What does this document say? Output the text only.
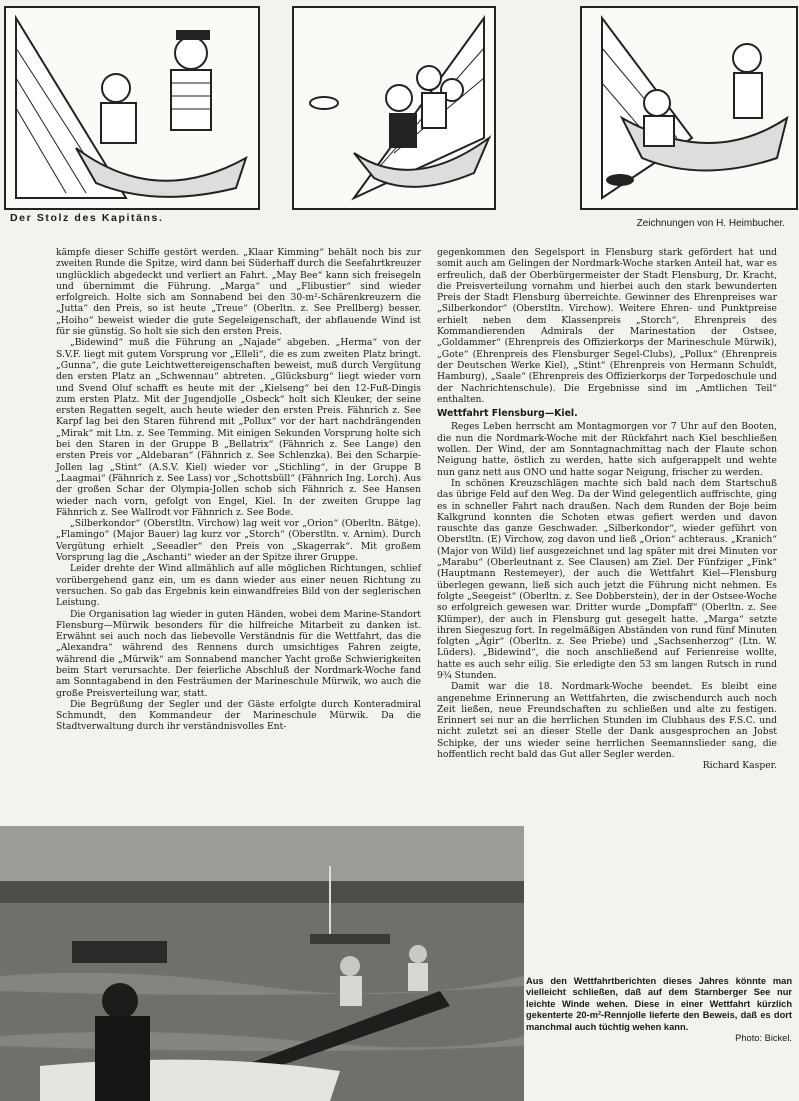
Der Stolz des Kapitäns.	Zeichnungen von H. Heimbucher.

kämpfe dieser Schiffe gestört werden. „Klaar Kimming“ behält noch bis zur zweiten Runde die Spitze, wird dann bei Süderhaff durch die Seefahrtkreuzer unglücklich abgedeckt und verliert an Fahrt. „May Bee“ kann sich freisegeln und übernimmt die Führung. „Marga“ und „Flibustier“ sind wieder erfolgreich. Holte sich am Sonnabend bei den 30-m²-Schärenkreuzern die „Jutta“ den Preis, so ist heute „Treue“ (Oberltn. z. See Prellberg) besser. „Hoiho“ beweist wieder die gute Segeleigenschaft, der abflauende Wind ist für sie günstig. So holt sie sich den ersten Preis.

„Bidewind“ muß die Führung an „Najade“ abgeben. „Herma“ von der S.V.F. liegt mit gutem Vorsprung vor „Elleli“, die es zum zweiten Platz bringt. „Gunna“, die gute Leichtwettereigenschaften beweist, muß durch Vergütung den ersten Platz an „Schwennau“ abtreten. „Glücksburg“ liegt wieder vorn und Svend Oluf schafft es heute mit der „Kielseng“ bei den 12-Fuß-Dingis zum ersten Platz. Mit der Jugendjolle „Osbeck“ holt sich Kleuker, der seine ersten Regatten segelt, auch heute wieder den ersten Preis. Fähnrich z. See Karpf lag bei den Staren führend mit „Pollux“ vor der hart nachdrängenden „Mirak“ mit Ltn. z. See Temming. Mit einigen Sekunden Vorsprung holte sich bei den Staren in der Gruppe B „Bellatrix“ (Fähnrich z. See Lange) den ersten Preis vor „Aldebaran“ (Fähnrich z. See Schlenzka). Bei den Scharpie-Jollen lag „Stint“ (A.S.V. Kiel) wieder vor „Stichling“, in der Gruppe B „Laagmai“ (Fähnrich z. See Lass) vor „Schottsbüll“ (Fähnrich Ing. Lorch). Aus der großen Schar der Olympia-Jollen schob sich Fähnrich z. See Hansen wieder nach vorn, gefolgt von Engel, Kiel. In der zweiten Gruppe lag Fähnrich z. See Wallrodt vor Fähnrich z. See Bode.

„Silberkondor“ (Oberstltn. Virchow) lag weit vor „Orion“ (Oberltn. Bätge). „Flamingo“ (Major Bauer) lag kurz vor „Storch“ (Oberstltn. v. Arnim). Durch Vergütung erhielt „Seeadler“ den Preis von „Skagerrak“. Mit großem Vorsprung lag die „Aschanti“ wieder an der Spitze ihrer Gruppe.

Leider drehte der Wind allmählich auf alle möglichen Richtungen, schlief vorübergehend ganz ein, um es dann wieder aus einer neuen Richtung zu versuchen. So gab das Ergebnis kein einwandfreies Bild von der seglerischen Leistung.

Die Organisation lag wieder in guten Händen, wobei dem Marine-Standort Flensburg—Mürwik besonders für die hilfreiche Mitarbeit zu danken ist. Erwähnt sei auch noch das liebevolle Verständnis für die Wettfahrt, das die „Alexandra“ während des Rennens durch umsichtiges Fahren zeigte, während die „Mürwik“ am Sonnabend mancher Yacht große Schwierigkeiten beim Start verursachte. Der feierliche Abschluß der Nordmark-Woche fand am Sonntagabend in den Festräumen der Marineschule Mürwik, wo auch die große Preisverteilung war, statt.

Die Begrüßung der Segler und der Gäste erfolgte durch Konteradmiral Schmundt, den Kommandeur der Marineschule Mürwik. Da die Stadtverwaltung durch ihr verständnisvolles Ent-

gegenkommen den Segelsport in Flensburg stark gefördert hat und somit auch am Gelingen der Nordmark-Woche starken Anteil hat, war es erfreulich, daß der Oberbürgermeister der Stadt Flensburg, Dr. Kracht, die Preisverteilung vornahm und hierbei auch den stark bewunderten Preis der Stadt Flensburg überreichte. Gewinner des Ehrenpreises war „Silberkondor“ (Oberstltn. Virchow). Weitere Ehren- und Punktpreise erhielt neben dem Klassenpreis „Storch“, Ehrenpreis des Kommandierenden Admirals der Marinestation der Ostsee, „Goldammer“ (Ehrenpreis des Offizierkorps der Marineschule Mürwik), „Gote“ (Ehrenpreis des Flensburger Segel-Clubs), „Pollux“ (Ehrenpreis der Deutschen Werke Kiel), „Stint“ (Ehrenpreis von Hermann Schuldt, Hamburg), „Saale“ (Ehrenpreis des Offizierkorps der Torpedoschule und der Nachrichtenschule). Die Ergebnisse sind im „Amtlichen Teil“ enthalten.

Wettfahrt Flensburg—Kiel.

Reges Leben herrscht am Montagmorgen vor 7 Uhr auf den Booten, die nun die Nordmark-Woche mit der Rückfahrt nach Kiel beschließen wollen. Der Wind, der am Sonntagnachmittag nach der Flaute schon Neigung hatte, östlich zu werden, hatte sich aufgerappelt und wehte nun ganz nett aus ONO und hatte sogar Neigung, frischer zu werden.

In schönen Kreuzschlägen machte sich bald nach dem Startschuß das übrige Feld auf den Weg. Da der Wind gelegentlich auffrischte, ging es in schneller Fahrt nach draußen. Nach dem Runden der Boje beim Kalkgrund konnten die Schoten etwas gefiert werden und davon rauschte das ganze Geschwader. „Silberkondor“, wieder geführt von Oberstltn. (E) Virchow, zog davon und ließ „Orion“ achteraus. „Kranich“ (Major von Wild) lief ausgezeichnet und lag später mit drei Minuten vor „Marabu“ (Oberleutnant z. See Clausen) am Ziel. Der Fünfziger „Fink“ (Hauptmann Restemeyer), der auch die Wettfahrt Kiel—Flensburg überlegen gewann, ließ sich auch jetzt die Führung nicht nehmen. Es folgte „Seegeist“ (Oberltn. z. See Dobberstein), der in der Ostsee-Woche so erfolgreich gewesen war. Dritter wurde „Dompfaff“ (Oberltn. z. See Klümper), der auch in Flensburg gut gesegelt hatte. „Marga“ setzte ihren Siegeszug fort. In regelmäßigen Abständen von rund fünf Minuten folgten „Ägir“ (Oberltn. z. See Priebe) und „Sachsenherzog“ (Ltn. W. Lüders). „Bidewind“, die noch anschließend auf Ferienreise wollte, hatte es auch sehr eilig. Sie erledigte den 53 sm langen Rutsch in rund 9¾ Stunden.

Damit war die 18. Nordmark-Woche beendet. Es bleibt eine angenehme Erinnerung an Wettfahrten, die zwischendurch auch noch Zeit ließen, neue Freundschaften zu schließen und alte zu festigen. Erinnert sei nur an die herrlichen Stunden im Clubhaus des F.S.C. und nicht zuletzt sei an dieser Stelle der Dank ausgesprochen an Jobst Schipke, der uns wieder seine herrlichen Seemannslieder sang, die hoffentlich recht bald das Gut aller Segler werden.

Richard Kasper.

Aus den Wettfahrtberichten dieses Jahres könnte man vielleicht schließen, daß auf dem Starnberger See nur leichte Winde wehen. Diese in einer Wettfahrt kürzlich gekenterte 20-m²-Rennjolle lieferte den Beweis, daß es dort manchmal auch tüchtig wehen kann.
Photo: Bickel.
